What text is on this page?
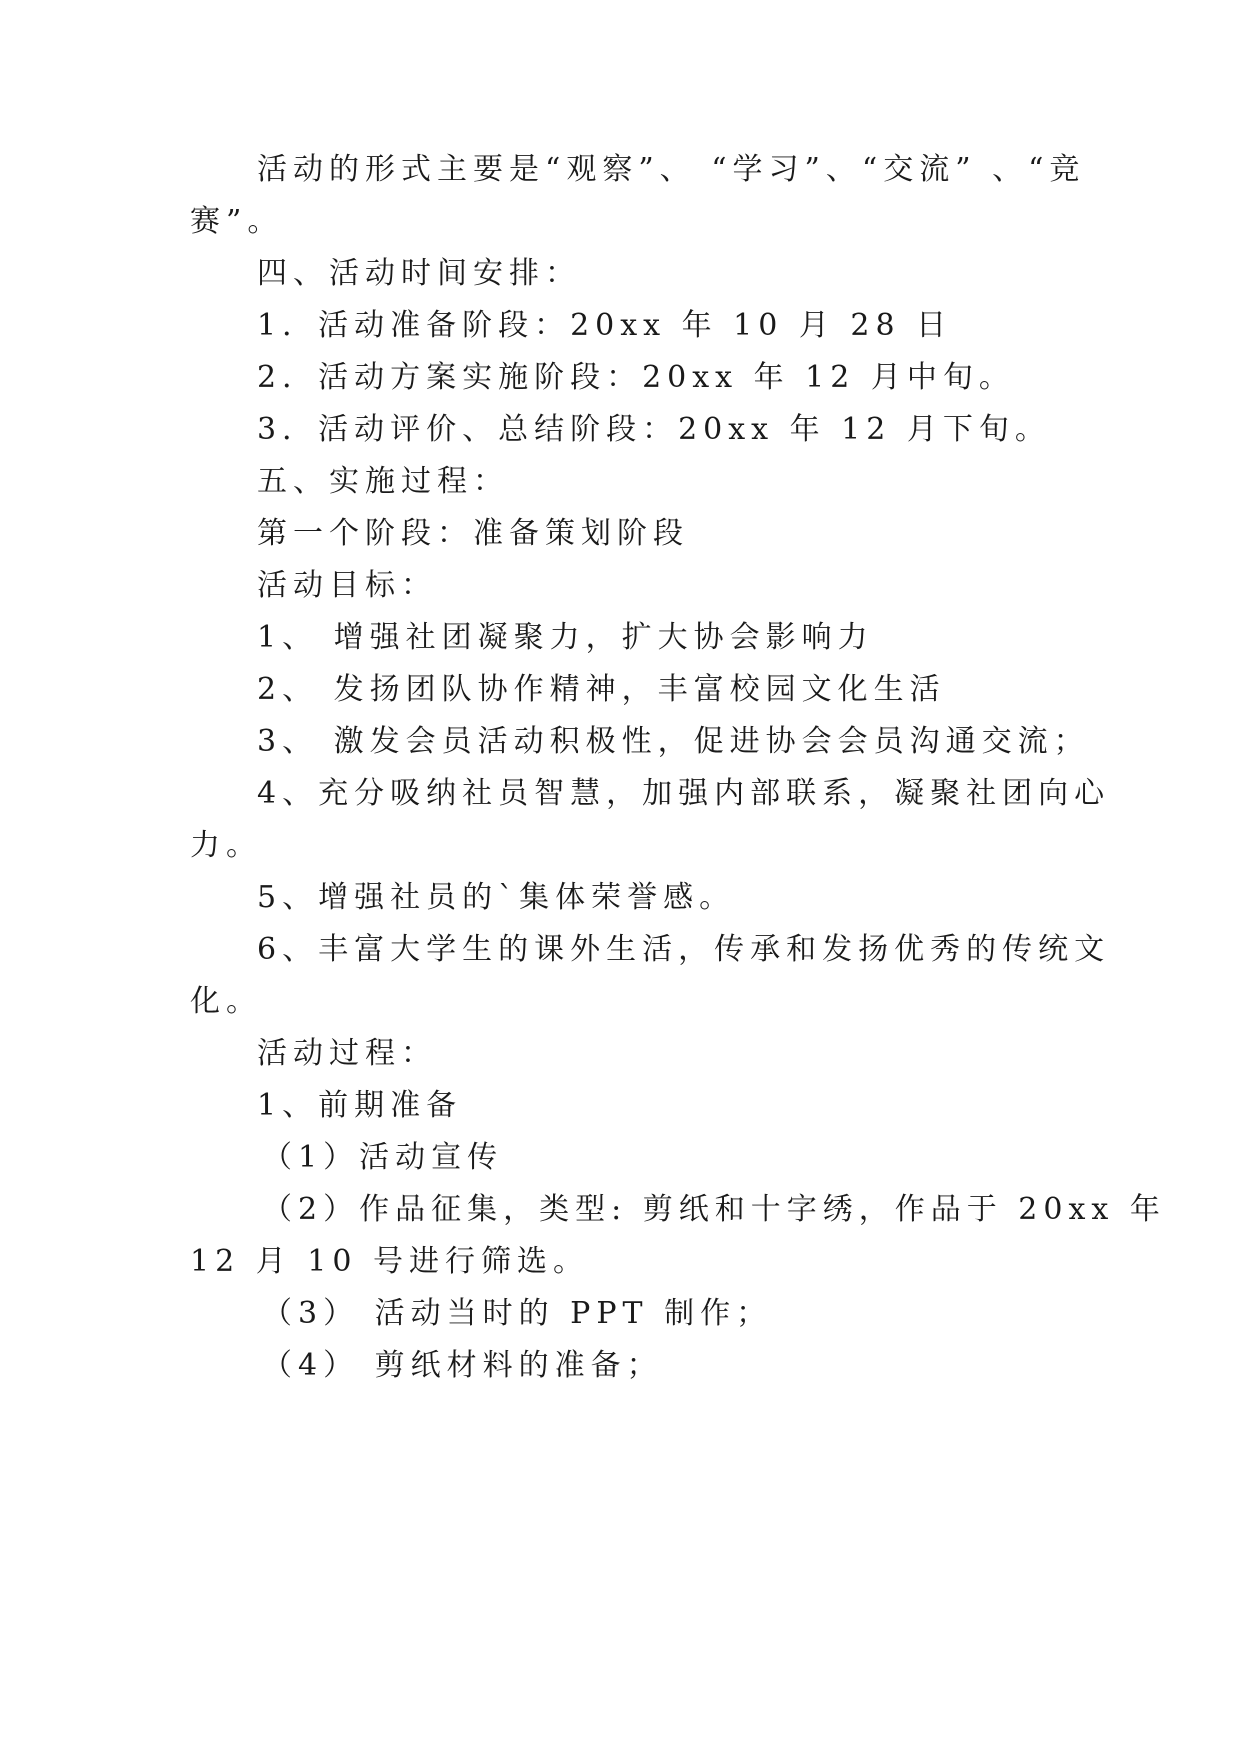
活动的形式主要是“观察”、 “学习”、“交流” 、“竞
赛”。
四、活动时间安排：
1．活动准备阶段：20xx 年 10 月 28 日
2．活动方案实施阶段：20xx 年 12 月中旬。
3．活动评价、总结阶段：20xx 年 12 月下旬。
五、实施过程：
第一个阶段：准备策划阶段
活动目标：
1、 增强社团凝聚力，扩大协会影响力
2、 发扬团队协作精神，丰富校园文化生活
3、 激发会员活动积极性，促进协会会员沟通交流；
4、充分吸纳社员智慧，加强内部联系，凝聚社团向心
力。
5、增强社员的`集体荣誉感。
6、丰富大学生的课外生活，传承和发扬优秀的传统文
化。
活动过程：
1、前期准备
（1）活动宣传
（2）作品征集，类型: 剪纸和十字绣，作品于 20xx 年
12 月 10 号进行筛选。
（3） 活动当时的 PPT 制作；
（4） 剪纸材料的准备；
